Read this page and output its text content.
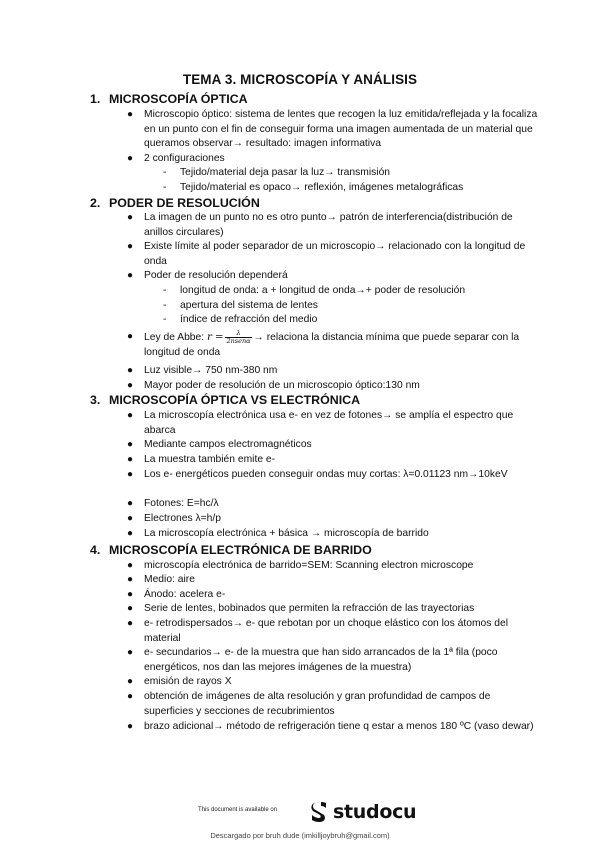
TEMA 3. MICROSCOPÍA Y ANÁLISIS
1. MICROSCOPÍA ÓPTICA
● Microscopio óptico: sistema de lentes que recogen la luz emitida/reflejada y la focaliza en un punto con el fin de conseguir forma una imagen aumentada de un material que queramos observar→ resultado: imagen informativa
● 2 configuraciones
- Tejido/material deja pasar la luz→ transmisión
- Tejido/material es opaco→ reflexión, imágenes metalográficas
2. PODER DE RESOLUCIÓN
● La imagen de un punto no es otro punto→ patrón de interferencia(distribución de anillos circulares)
● Existe límite al poder separador de un microscopio→ relacionado con la longitud de onda
● Poder de resolución dependerá
- longitud de onda: a + longitud de onda→+ poder de resolución
- apertura del sistema de lentes
- índice de refracción del medio
● Ley de Abbe: $r = \frac{\lambda}{\text{2nsenα}}$ → relaciona la distancia mínima que puede separar con la longitud de onda
● Luz visible→ 750 nm-380 nm
● Mayor poder de resolución de un microscopio óptico:130 nm
3. MICROSCOPÍA ÓPTICA VS ELECTRÓNICA
● La microscopía electrónica usa e- en vez de fotones→ se amplía el espectro que abarca
● Mediante campos electromagnéticos
● La muestra también emite e-
● Los e- energéticos pueden conseguir ondas muy cortas: λ=0.01123 nm→10keV
● Fotones: E=hc/λ
● Electrones λ=h/p
● La microscopía electrónica + básica → microscopía de barrido
4. MICROSCOPÍA ELECTRÓNICA DE BARRIDO
● microscopía electrónica de barrido=SEM: Scanning electron microscope
● Medio: aire
● Ánodo: acelera e-
● Serie de lentes, bobinados que permiten la refracción de las trayectorias
● e- retrodispersados→ e- que rebotan por un choque elástico con los átomos del material
● e- secundarios→ e- de la muestra que han sido arrancados de la 1ª fila (poco energéticos, nos dan las mejores imágenes de la muestra)
● emisión de rayos X
● obtención de imágenes de alta resolución y gran profundidad de campos de superficies y secciones de recubrimientos
● brazo adicional→ método de refrigeración tiene q estar a menos 180 ºC (vaso dewar)
This document is available on	studocu
Descargado por bruh dude (imkilljoybruh@gmail.com)
